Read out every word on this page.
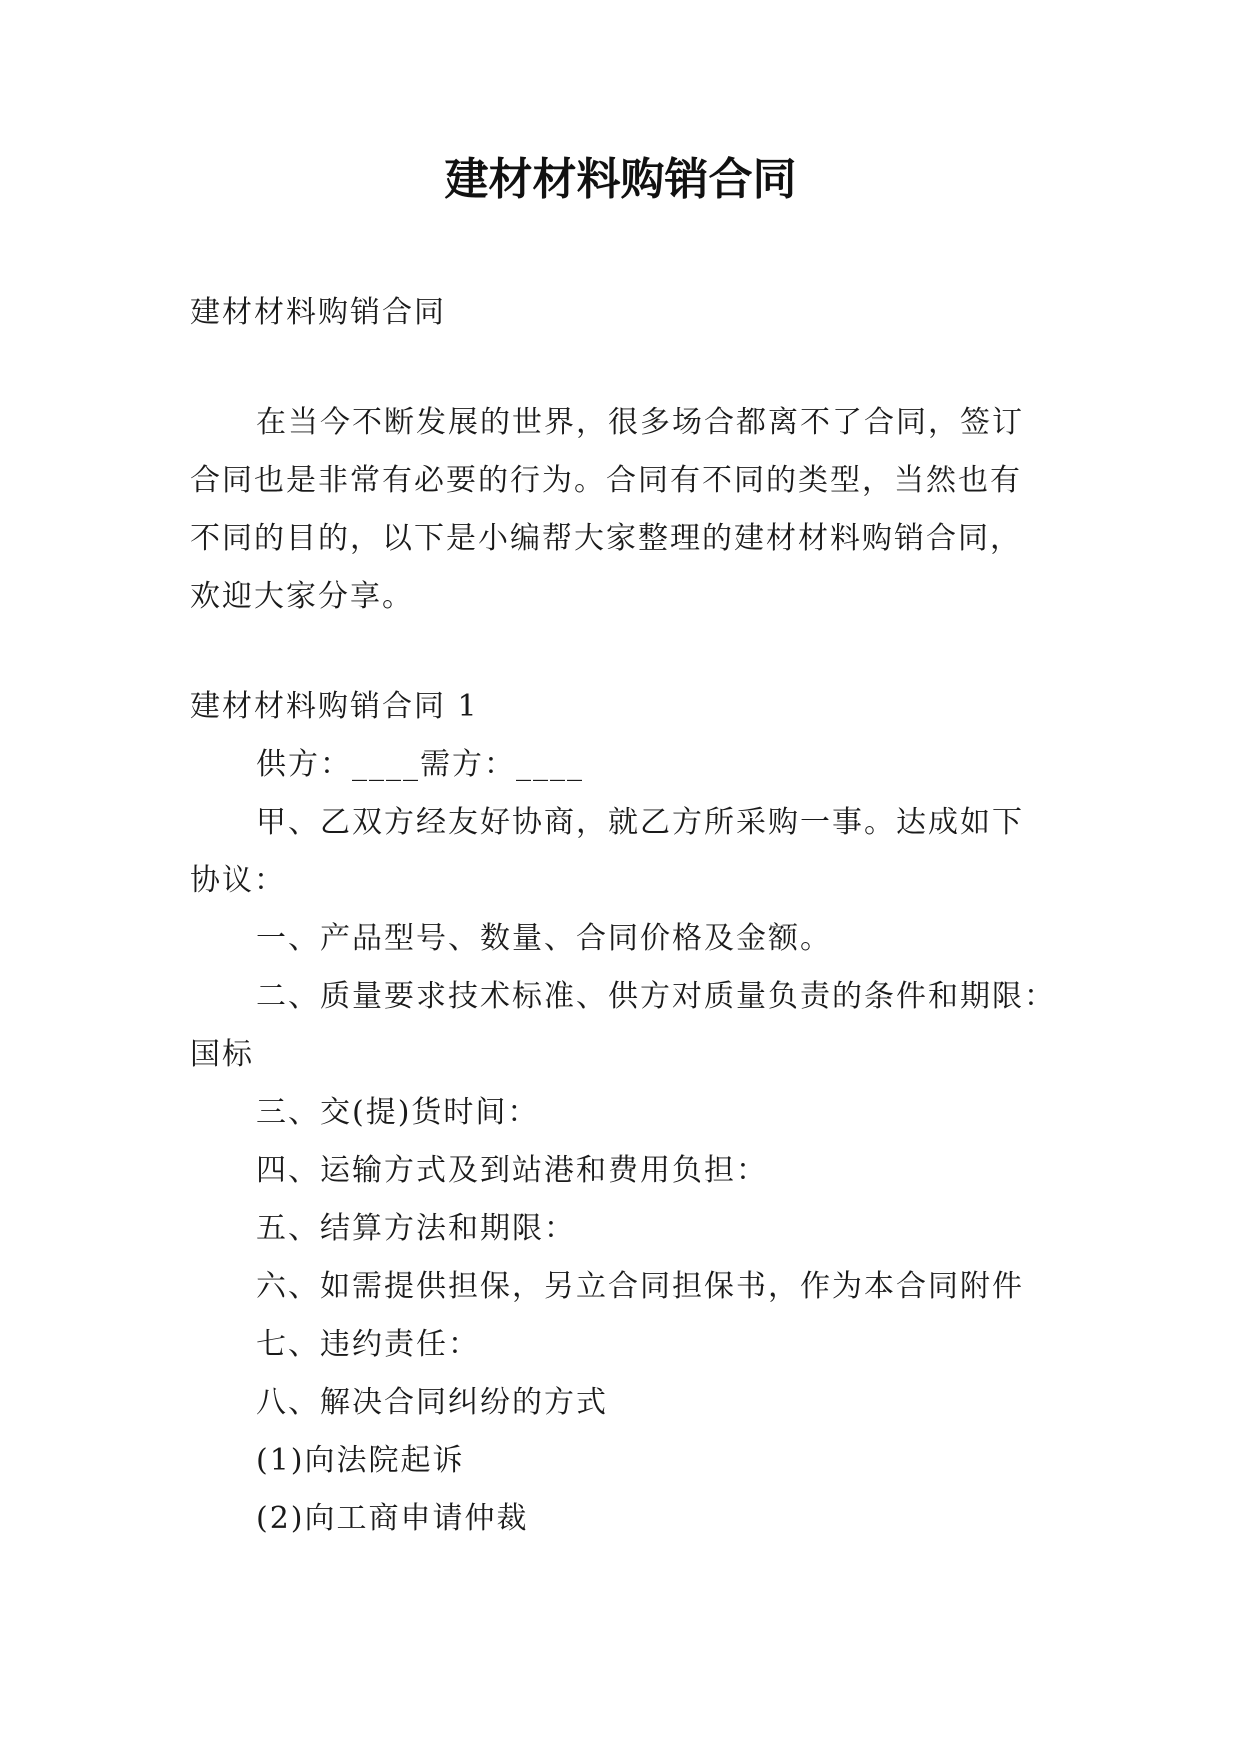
建材材料购销合同

建材材料购销合同

在当今不断发展的世界，很多场合都离不了合同，签订

合同也是非常有必要的行为。合同有不同的类型，当然也有

不同的目的，以下是小编帮大家整理的建材材料购销合同，

欢迎大家分享。

建材材料购销合同 1

供方：____需方：____

甲、乙双方经友好协商，就乙方所采购一事。达成如下

协议：

一、产品型号、数量、合同价格及金额。

二、质量要求技术标准、供方对质量负责的条件和期限：

国标

三、交(提)货时间：

四、运输方式及到站港和费用负担：

五、结算方法和期限：

六、如需提供担保，另立合同担保书，作为本合同附件

七、违约责任：

八、解决合同纠纷的方式

(1)向法院起诉

(2)向工商申请仲裁
